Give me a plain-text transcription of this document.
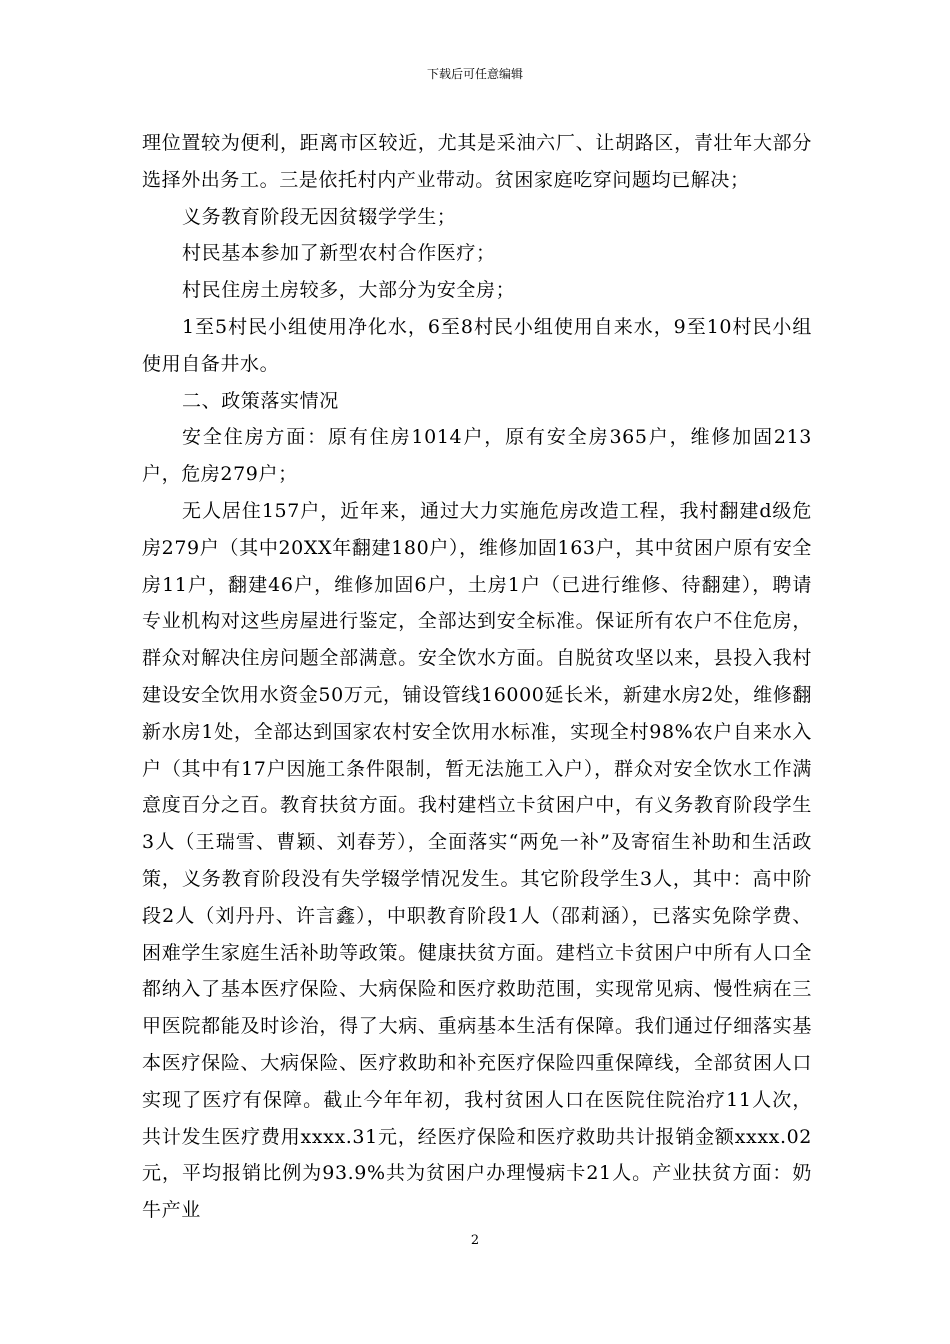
下载后可任意编辑

理位置较为便利，距离市区较近，尤其是采油六厂、让胡路区，青壮年大部分选择外出务工。三是依托村内产业带动。贫困家庭吃穿问题均已解决；

义务教育阶段无因贫辍学学生；

村民基本参加了新型农村合作医疗；

村民住房土房较多，大部分为安全房；

1至5村民小组使用净化水，6至8村民小组使用自来水，9至10村民小组使用自备井水。

二、政策落实情况

安全住房方面：原有住房1014户，原有安全房365户，维修加固213户，危房279户；

无人居住157户，近年来，通过大力实施危房改造工程，我村翻建d级危房279户（其中20XX年翻建180户），维修加固163户，其中贫困户原有安全房11户，翻建46户，维修加固6户，土房1户（已进行维修、待翻建），聘请专业机构对这些房屋进行鉴定，全部达到安全标准。保证所有农户不住危房，群众对解决住房问题全部满意。安全饮水方面。自脱贫攻坚以来，县投入我村建设安全饮用水资金50万元，铺设管线16000延长米，新建水房2处，维修翻新水房1处，全部达到国家农村安全饮用水标准，实现全村98%农户自来水入户（其中有17户因施工条件限制，暂无法施工入户），群众对安全饮水工作满意度百分之百。教育扶贫方面。我村建档立卡贫困户中，有义务教育阶段学生3人（王瑞雪、曹颖、刘春芳），全面落实“两免一补”及寄宿生补助和生活政策，义务教育阶段没有失学辍学情况发生。其它阶段学生3人，其中：高中阶段2人（刘丹丹、许言鑫），中职教育阶段1人（邵莉涵），已落实免除学费、困难学生家庭生活补助等政策。健康扶贫方面。建档立卡贫困户中所有人口全都纳入了基本医疗保险、大病保险和医疗救助范围，实现常见病、慢性病在三甲医院都能及时诊治，得了大病、重病基本生活有保障。我们通过仔细落实基本医疗保险、大病保险、医疗救助和补充医疗保险四重保障线，全部贫困人口实现了医疗有保障。截止今年年初，我村贫困人口在医院住院治疗11人次，共计发生医疗费用xxxx.31元，经医疗保险和医疗救助共计报销金额xxxx.02元，平均报销比例为93.9%共为贫困户办理慢病卡21人。产业扶贫方面：奶牛产业

2
